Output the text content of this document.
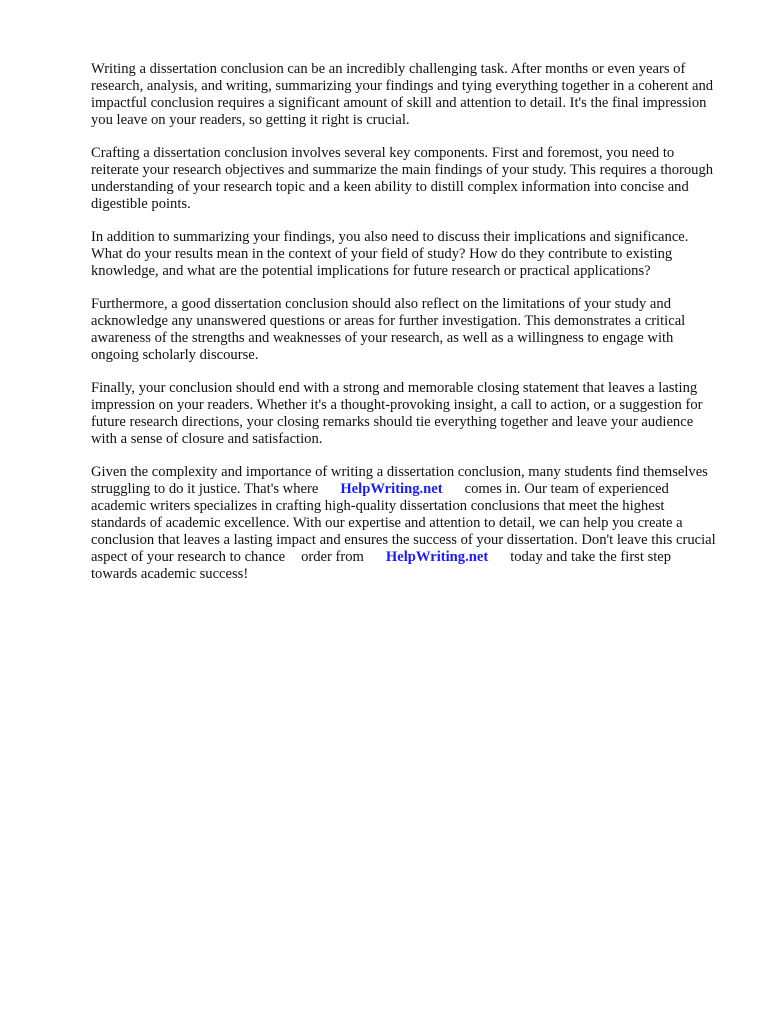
Writing a dissertation conclusion can be an incredibly challenging task. After months or even years of research, analysis, and writing, summarizing your findings and tying everything together in a coherent and impactful conclusion requires a significant amount of skill and attention to detail. It's the final impression you leave on your readers, so getting it right is crucial.

Crafting a dissertation conclusion involves several key components. First and foremost, you need to reiterate your research objectives and summarize the main findings of your study. This requires a thorough understanding of your research topic and a keen ability to distill complex information into concise and digestible points.

In addition to summarizing your findings, you also need to discuss their implications and significance. What do your results mean in the context of your field of study? How do they contribute to existing knowledge, and what are the potential implications for future research or practical applications?

Furthermore, a good dissertation conclusion should also reflect on the limitations of your study and acknowledge any unanswered questions or areas for further investigation. This demonstrates a critical awareness of the strengths and weaknesses of your research, as well as a willingness to engage with ongoing scholarly discourse.

Finally, your conclusion should end with a strong and memorable closing statement that leaves a lasting impression on your readers. Whether it's a thought-provoking insight, a call to action, or a suggestion for future research directions, your closing remarks should tie everything together and leave your audience with a sense of closure and satisfaction.

Given the complexity and importance of writing a dissertation conclusion, many students find themselves struggling to do it justice. That's where HelpWriting.net comes in. Our team of experienced academic writers specializes in crafting high-quality dissertation conclusions that meet the highest standards of academic excellence. With our expertise and attention to detail, we can help you create a conclusion that leaves a lasting impact and ensures the success of your dissertation. Don't leave this crucial aspect of your research to chance order from HelpWriting.net today and take the first step towards academic success!
